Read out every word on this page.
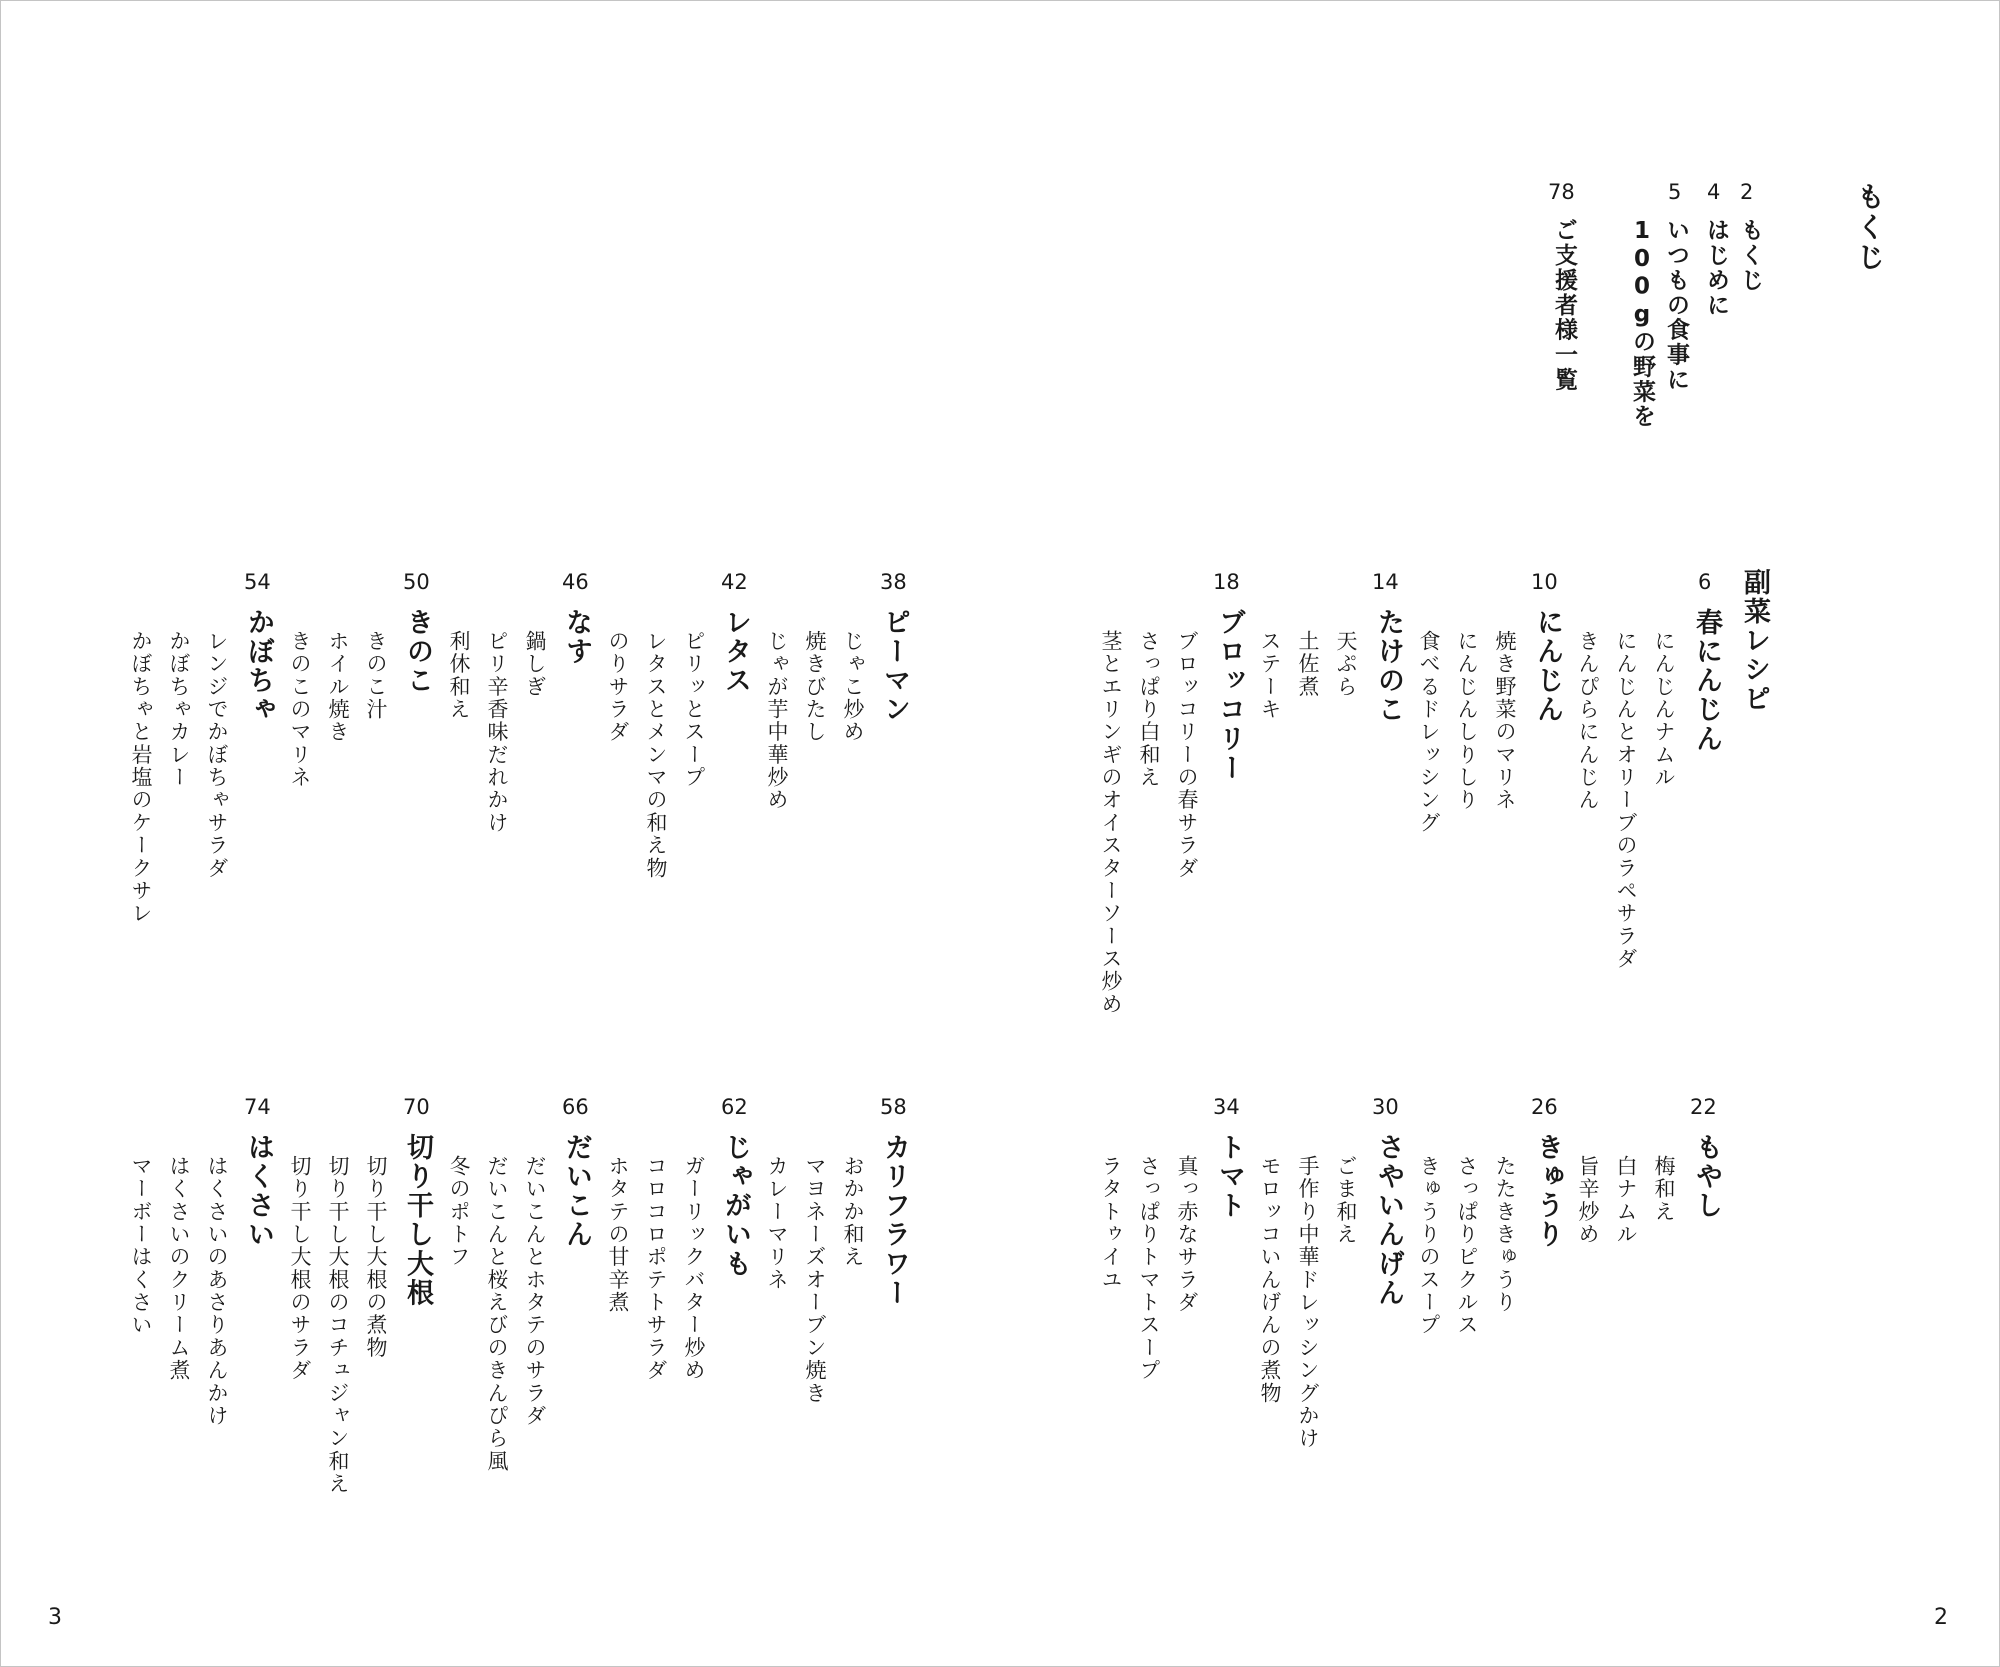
もくじ
2
もくじ
4
はじめに
5
いつもの食事に
100gの野菜を
78
ご支援者様一覧
副菜レシピ
6
春にんじん
にんじんナムル
にんじんとオリーブのラペサラダ
きんぴらにんじん
10
にんじん
焼き野菜のマリネ
にんじんしりしり
食べるドレッシング
14
たけのこ
天ぷら
土佐煮
ステーキ
18
ブロッコリー
ブロッコリーの春サラダ
さっぱり白和え
茎とエリンギのオイスターソース炒め
38
ピーマン
じゃこ炒め
焼きびたし
じゃが芋中華炒め
42
レタス
ピリッとスープ
レタスとメンマの和え物
のりサラダ
46
なす
鍋しぎ
ピリ辛香味だれかけ
利休和え
50
きのこ
きのこ汁
ホイル焼き
きのこのマリネ
54
かぼちゃ
レンジでかぼちゃサラダ
かぼちゃカレー
かぼちゃと岩塩のケークサレ
22
もやし
梅和え
白ナムル
旨辛炒め
26
きゅうり
たたききゅうり
さっぱりピクルス
きゅうりのスープ
30
さやいんげん
ごま和え
手作り中華ドレッシングかけ
モロッコいんげんの煮物
34
トマト
真っ赤なサラダ
さっぱりトマトスープ
ラタトゥイユ
58
カリフラワー
おかか和え
マヨネーズオーブン焼き
カレーマリネ
62
じゃがいも
ガーリックバター炒め
コロコロポテトサラダ
ホタテの甘辛煮
66
だいこん
だいこんとホタテのサラダ
だいこんと桜えびのきんぴら風
冬のポトフ
70
切り干し大根
切り干し大根の煮物
切り干し大根のコチュジャン和え
切り干し大根のサラダ
74
はくさい
はくさいのあさりあんかけ
はくさいのクリーム煮
マーボーはくさい
3	2
